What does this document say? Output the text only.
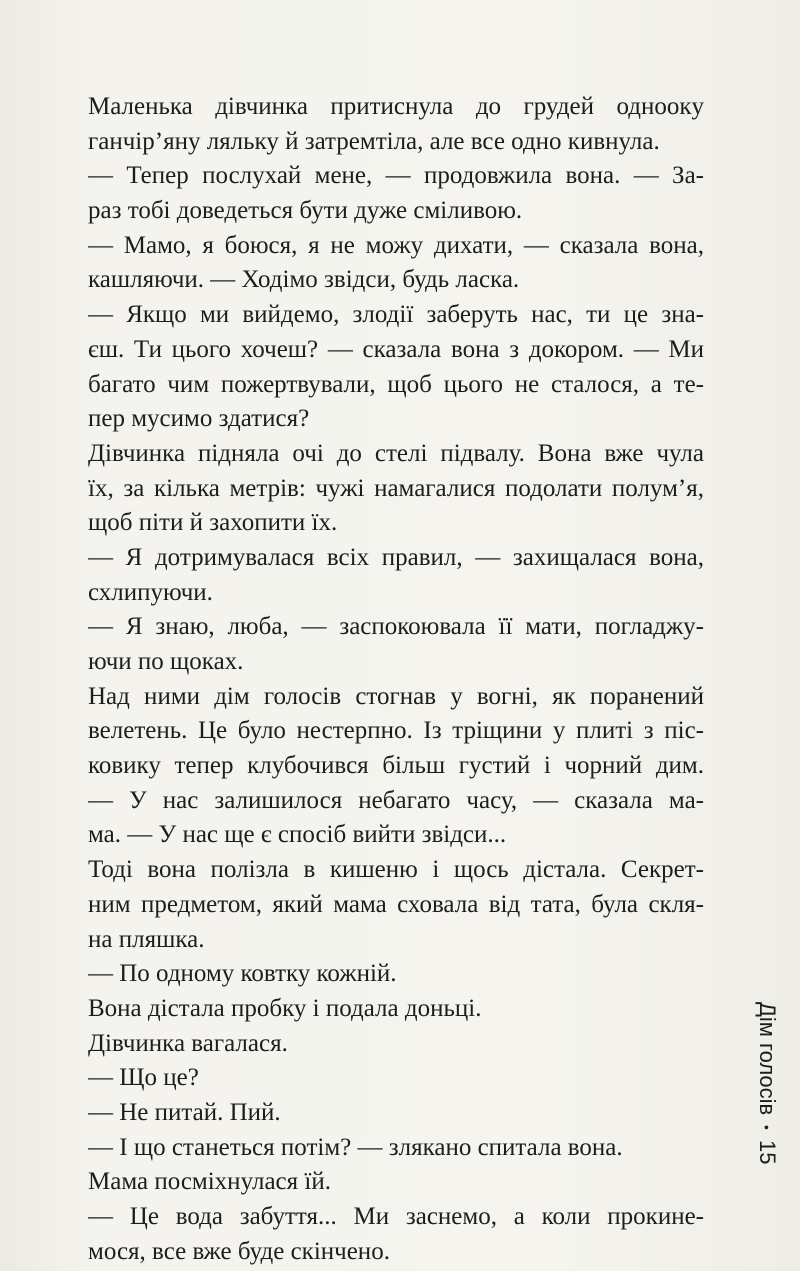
Маленька дівчинка притиснула до грудей одноокy
ганчір’яну ляльку й затремтіла, але все одно кивнула.
— Тепер послухай мене, — продовжила вона. — За-
раз тобі доведеться бути дуже сміливою.
— Мамо, я боюся, я не можу дихати, — сказала вона,
кашляючи. — Ходімо звідси, будь ласка.
— Якщо ми вийдемо, злодії заберуть нас, ти це зна-
єш. Ти цього хочеш? — сказала вона з докором. — Ми
багато чим пожертвували, щоб цього не сталося, а те-
пер мусимо здатися?
Дівчинка підняла очі до стелі підвалу. Вона вже чула
їх, за кілька метрів: чужі намагалися подолати полум’я,
щоб піти й захопити їх.
— Я дотримувалася всіх правил, — захищалася вона,
схлипуючи.
— Я знаю, люба, — заспокоювала її мати, погладжу-
ючи по щоках.
Над ними дім голосів стогнав у вогні, як поранений
велетень. Це було нестерпно. Із тріщини у плиті з піс-
ковику тепер клубочився більш густий і чорний дим.
— У нас залишилося небагато часу, — сказала ма-
ма. — У нас ще є спосіб вийти звідси...
Тоді вона полізла в кишеню і щось дістала. Секрет-
ним предметом, який мама сховала від тата, була скля-
на пляшка.
— По одному ковтку кожній.
Вона дістала пробку і подала доньці.
Дівчинка вагалася.
— Що це?
— Не питай. Пий.
— І що станеться потім? — злякано спитала вона.
Мама посміхнулася їй.
— Це вода забуття... Ми заснемо, а коли прокине-
мося, все вже буде скінчено.
Дім голосів
•
15
